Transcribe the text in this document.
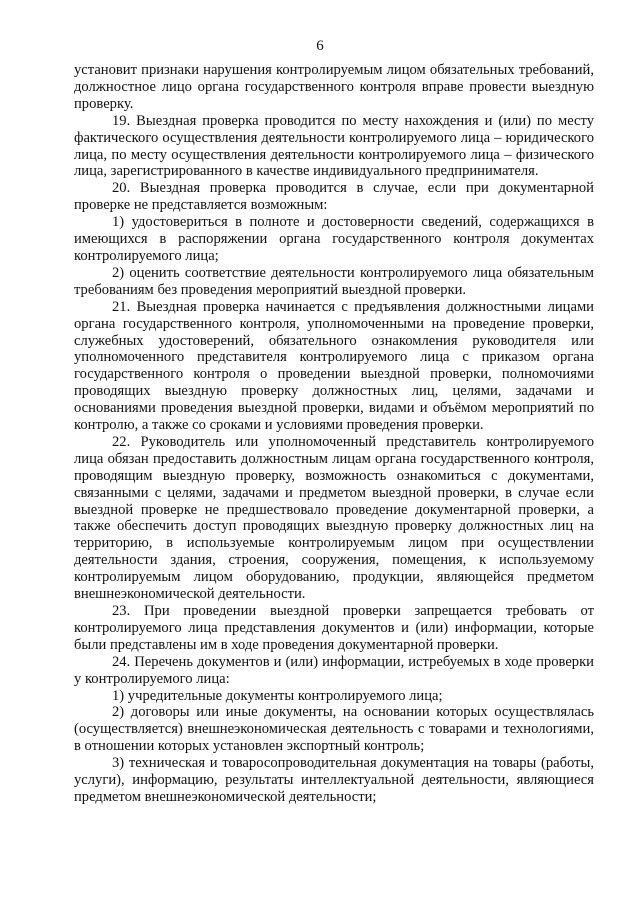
6

установит признаки нарушения контролируемым лицом обязательных требований, должностное лицо органа государственного контроля вправе провести выездную проверку.

19. Выездная проверка проводится по месту нахождения и (или) по месту фактического осуществления деятельности контролируемого лица – юридического лица, по месту осуществления деятельности контролируемого лица – физического лица, зарегистрированного в качестве индивидуального предпринимателя.

20. Выездная проверка проводится в случае, если при документарной проверке не представляется возможным:

1) удостовериться в полноте и достоверности сведений, содержащихся в имеющихся в распоряжении органа государственного контроля документах контролируемого лица;

2) оценить соответствие деятельности контролируемого лица обязательным требованиям без проведения мероприятий выездной проверки.

21. Выездная проверка начинается с предъявления должностными лицами органа государственного контроля, уполномоченными на проведение проверки, служебных удостоверений, обязательного ознакомления руководителя или уполномоченного представителя контролируемого лица с приказом органа государственного контроля о проведении выездной проверки, полномочиями проводящих выездную проверку должностных лиц, целями, задачами и основаниями проведения выездной проверки, видами и объёмом мероприятий по контролю, а также со сроками и условиями проведения проверки.

22. Руководитель или уполномоченный представитель контролируемого лица обязан предоставить должностным лицам органа государственного контроля, проводящим выездную проверку, возможность ознакомиться с документами, связанными с целями, задачами и предметом выездной проверки, в случае если выездной проверке не предшествовало проведение документарной проверки, а также обеспечить доступ проводящих выездную проверку должностных лиц на территорию, в используемые контролируемым лицом при осуществлении деятельности здания, строения, сооружения, помещения, к используемому контролируемым лицом оборудованию, продукции, являющейся предметом внешнеэкономической деятельности.

23. При проведении выездной проверки запрещается требовать от контролируемого лица представления документов и (или) информации, которые были представлены им в ходе проведения документарной проверки.

24. Перечень документов и (или) информации, истребуемых в ходе проверки у контролируемого лица:

1) учредительные документы контролируемого лица;

2) договоры или иные документы, на основании которых осуществлялась (осуществляется) внешнеэкономическая деятельность с товарами и технологиями, в отношении которых установлен экспортный контроль;

3) техническая и товаросопроводительная документация на товары (работы, услуги), информацию, результаты интеллектуальной деятельности, являющиеся предметом внешнеэкономической деятельности;
